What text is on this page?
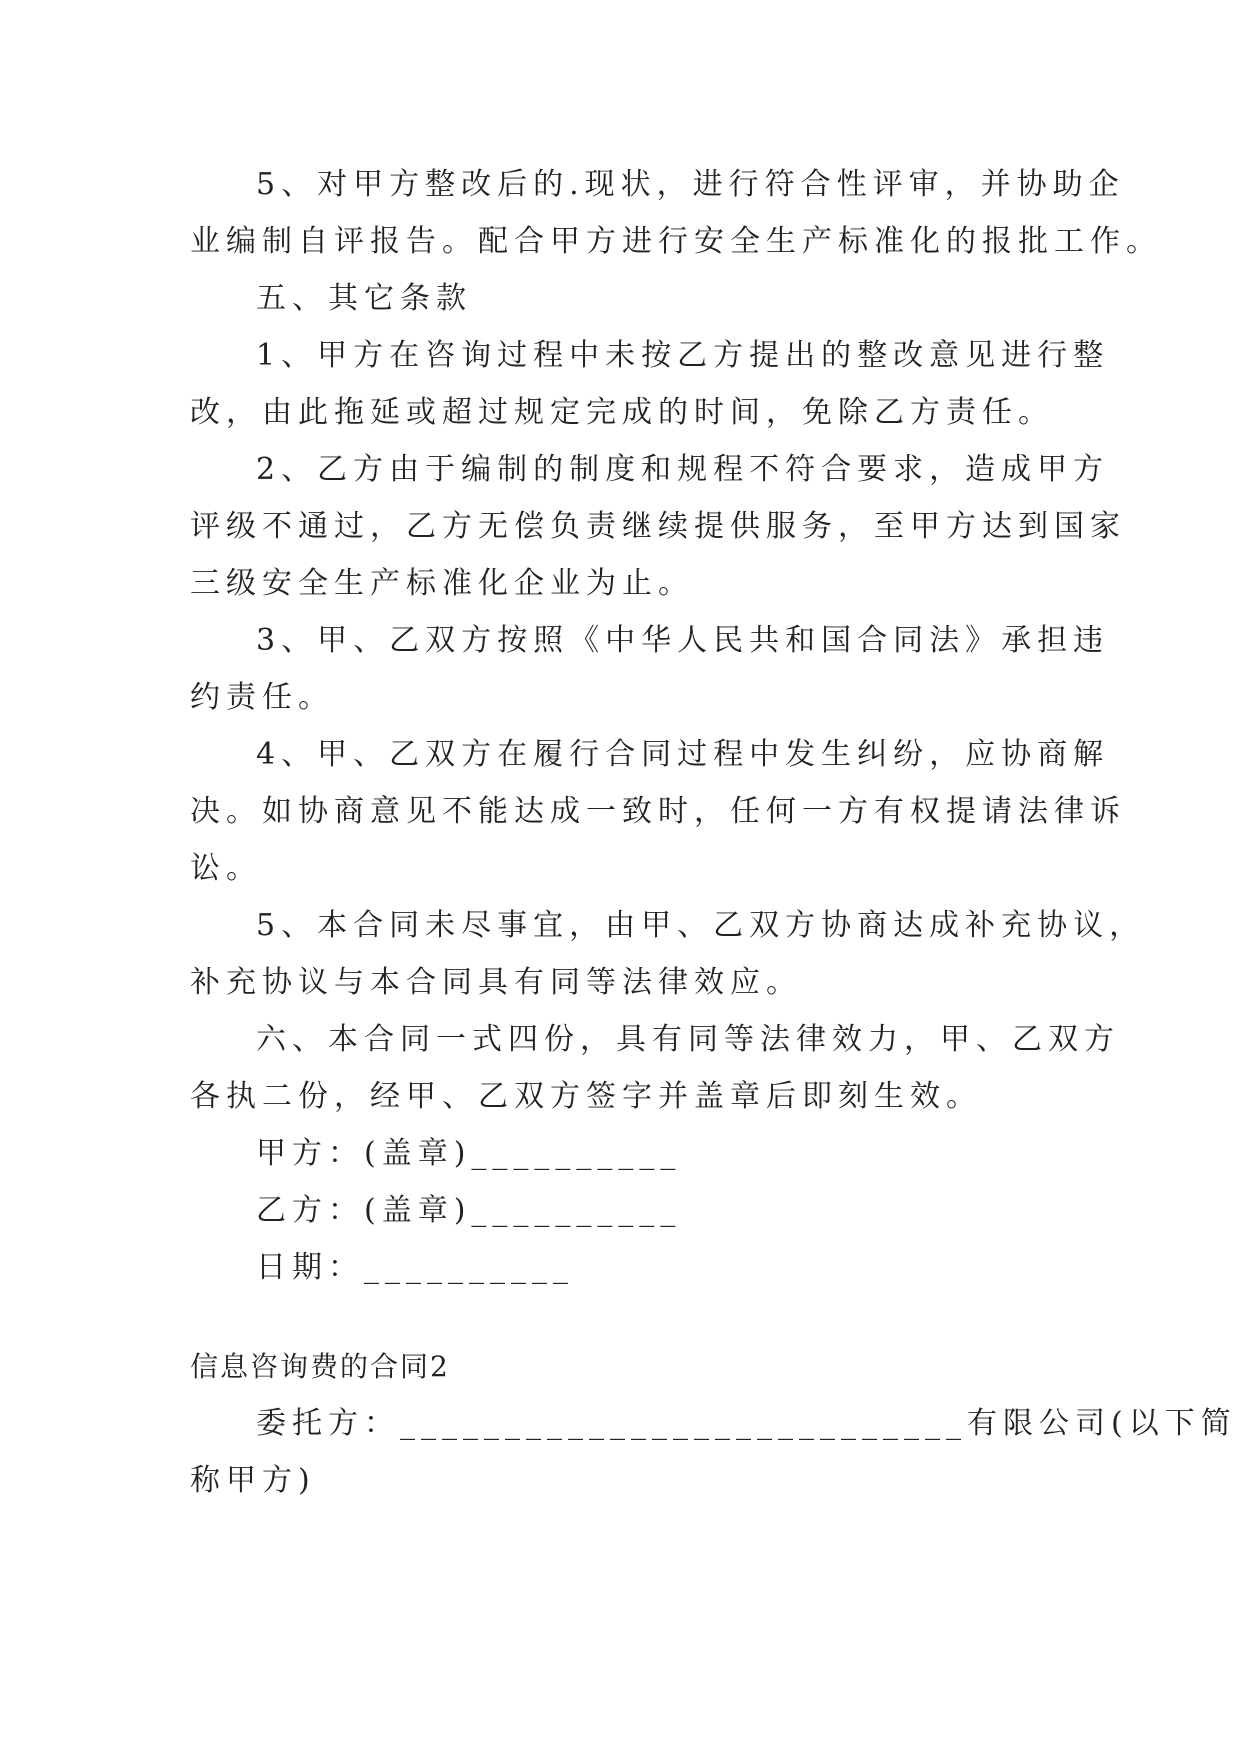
5、对甲方整改后的.现状，进行符合性评审，并协助企
业编制自评报告。配合甲方进行安全生产标准化的报批工作。
五、其它条款
1、甲方在咨询过程中未按乙方提出的整改意见进行整
改，由此拖延或超过规定完成的时间，免除乙方责任。
2、乙方由于编制的制度和规程不符合要求，造成甲方
评级不通过，乙方无偿负责继续提供服务，至甲方达到国家
三级安全生产标准化企业为止。
3、甲、乙双方按照《中华人民共和国合同法》承担违
约责任。
4、甲、乙双方在履行合同过程中发生纠纷，应协商解
决。如协商意见不能达成一致时，任何一方有权提请法律诉
讼。
5、本合同未尽事宜，由甲、乙双方协商达成补充协议，
补充协议与本合同具有同等法律效应。
六、本合同一式四份，具有同等法律效力，甲、乙双方
各执二份，经甲、乙双方签字并盖章后即刻生效。
甲方：(盖章)__________
乙方：(盖章)__________
日期：__________
信息咨询费的合同2
委托方：___________________________有限公司(以下简
称甲方)
